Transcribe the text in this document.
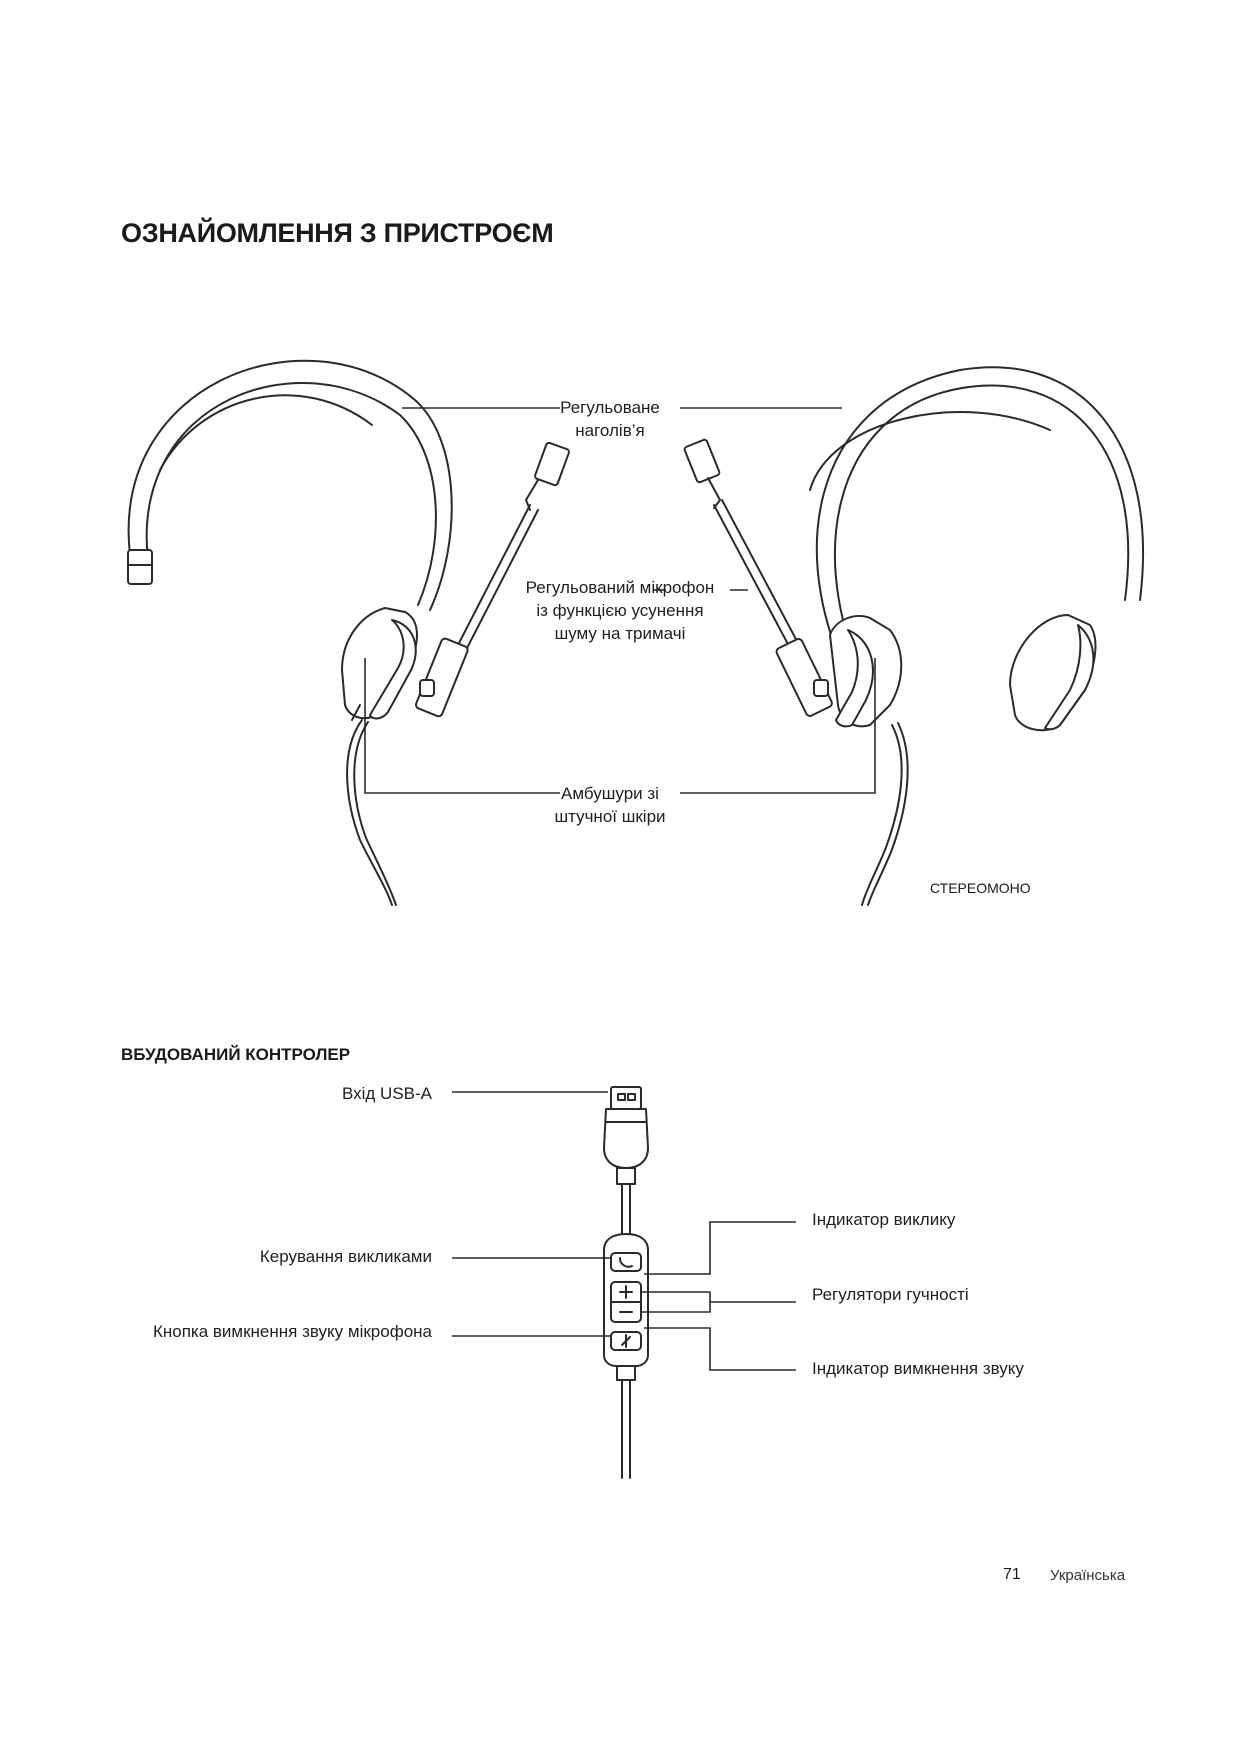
ОЗНАЙОМЛЕННЯ З ПРИСТРОЄМ
Регульоване
наголів’я
Регульований мікрофон
із функцією усунення
шуму на тримачі
Амбушури зі
штучної шкіри
СТЕРЕОМОНО
ВБУДОВАНИЙ КОНТРОЛЕР
Вхід USB-A
Керування викликами
Кнопка вимкнення звуку мікрофона
Індикатор виклику
Регулятори гучності
Індикатор вимкнення звуку
71 Українська
